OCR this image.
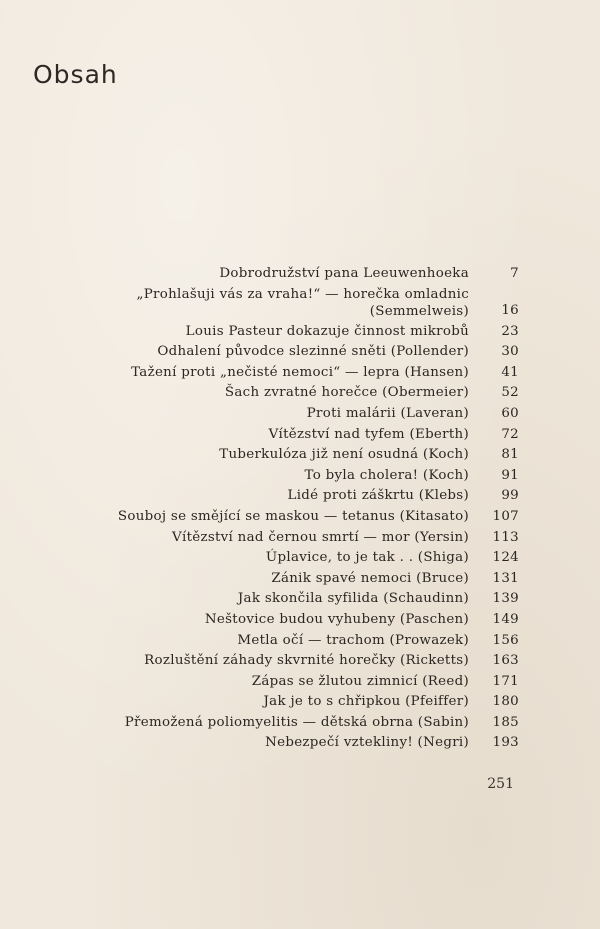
Obsah
Dobrodružství pana Leeuwenhoeka	7
„Prohlašuji vás za vraha!“ — horečka omladnic (Semmelweis)	16
Louis Pasteur dokazuje činnost mikrobů	23
Odhalení původce slezinné sněti (Pollender)	30
Tažení proti „nečisté nemoci“ — lepra (Hansen)	41
Šach zvratné horečce (Obermeier)	52
Proti malárii (Laveran)	60
Vítězství nad tyfem (Eberth)	72
Tuberkulóza již není osudná (Koch)	81
To byla cholera! (Koch)	91
Lidé proti záškrtu (Klebs)	99
Souboj se smějící se maskou — tetanus (Kitasato)	107
Vítězství nad černou smrtí — mor (Yersin)	113
Úplavice, to je tak . . (Shiga)	124
Zánik spavé nemoci (Bruce)	131
Jak skončila syfilida (Schaudinn)	139
Neštovice budou vyhubeny (Paschen)	149
Metla očí — trachom (Prowazek)	156
Rozluštění záhady skvrnité horečky (Ricketts)	163
Zápas se žlutou zimnicí (Reed)	171
Jak je to s chřipkou (Pfeiffer)	180
Přemožená poliomyelitis — dětská obrna (Sabin)	185
Nebezpečí vztekliny! (Negri)	193
251
